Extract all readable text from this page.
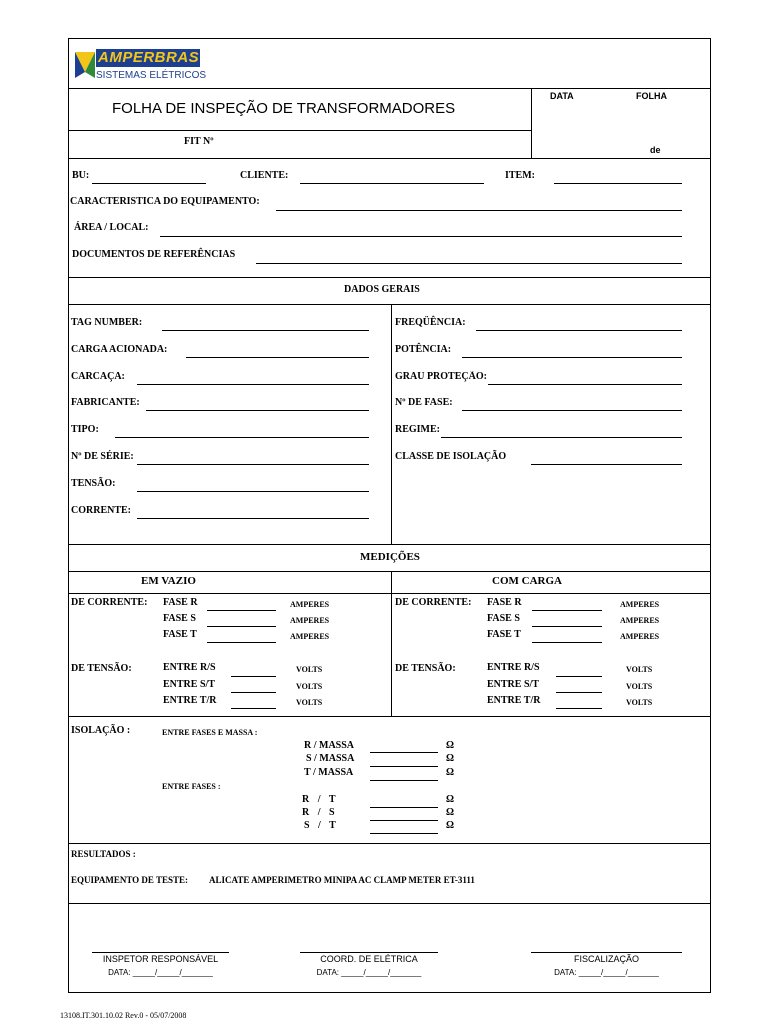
AMPERBRAS
SISTEMAS ELÉTRICOS
FOLHA DE INSPEÇÃO DE TRANSFORMADORES
DATA	FOLHA
FIT Nº
de
BU:	CLIENTE:	ITEM:
CARACTERISTICA DO EQUIPAMENTO:
ÁREA / LOCAL:
DOCUMENTOS DE REFERÊNCIAS
DADOS GERAIS
TAG NUMBER:
CARGA ACIONADA:
CARCAÇA:
FABRICANTE:
TIPO:
Nº DE SÉRIE:
TENSÃO:
CORRENTE:
FREQÜÊNCIA:
POTÊNCIA:
GRAU PROTEÇÃO:
Nº DE FASE:
REGIME:
CLASSE DE ISOLAÇÃO
MEDIÇÕES
EM VAZIO	COM CARGA
DE CORRENTE: FASE R	AMPERES
FASE S	AMPERES
FASE T	AMPERES
DE TENSÃO:	ENTRE R/S	VOLTS
ENTRE S/T	VOLTS
ENTRE T/R	VOLTS
DE CORRENTE: FASE R	AMPERES
FASE S	AMPERES
FASE T	AMPERES
DE TENSÃO:	ENTRE R/S	VOLTS
ENTRE S/T	VOLTS
ENTRE T/R	VOLTS
ISOLAÇÃO :	ENTRE FASES E MASSA :
R / MASSA	Ω
S / MASSA	Ω
T / MASSA	Ω
ENTRE FASES :
R / T	Ω
R / S	Ω
S / T	Ω
RESULTADOS :
EQUIPAMENTO DE TESTE: ALICATE AMPERIMETRO MINIPA AC CLAMP METER ET-3111
INSPETOR RESPONSÁVEL
DATA: _____/_____/_______
COORD. DE ELÉTRICA
DATA: _____/_____/_______
FISCALIZAÇÃO
DATA: _____/_____/_______
13108.IT.301.10.02 Rev.0 - 05/07/2008
